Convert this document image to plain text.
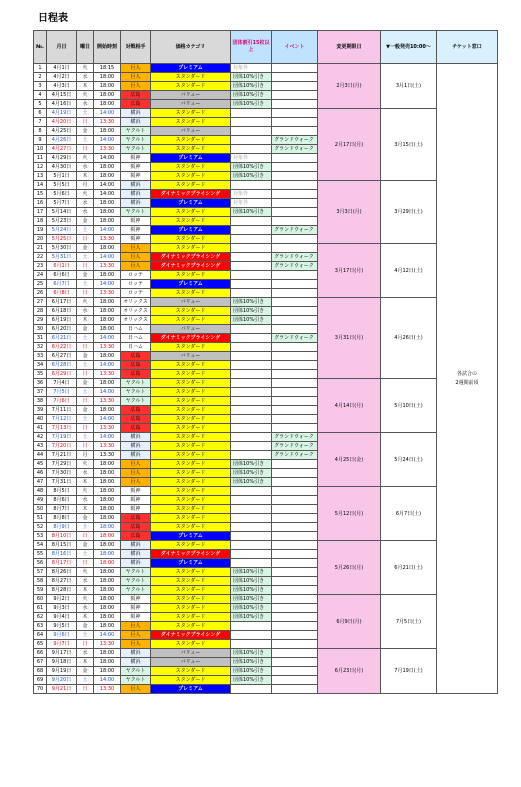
日程表
№.	月日	曜日	開始時刻	対戦相手	価格カテゴリ	団体割引15枚以上	イベント	変更期限日	▼一般発売10:00～	チケット窓口
1	4月1日	火	18:15	巨人	プレミアム	対象外		2月3日(月)	3月1日(土)	各試合の
2週間前頃
2	4月2日	水	18:00	巨人	スタンダード	団体10%引き				
3	4月3日	木	18:00	巨人	スタンダード	団体10%引き				
4	4月15日	火	18:00	広島	バリュー	団体10%引き				
5	4月16日	水	18:00	広島	バリュー	団体10%引き				
6	4月19日	土	14:00	横浜	スタンダード			2月17日(月)	3月15日(土)	
7	4月20日	日	13:30	横浜	スタンダード					
8	4月25日	金	18:00	ヤクルト	バリュー					
9	4月26日	土	14:00	ヤクルト	スタンダード		グランドウォーク			
10	4月27日	日	13:30	ヤクルト	スタンダード		グランドウォーク			
11	4月29日	火	14:00	阪神	プレミアム	対象外				
12	4月30日	水	18:00	阪神	スタンダード	団体10%引き				
13	5月1日	木	18:00	阪神	スタンダード	団体10%引き				
14	5月5日	月	14:00	横浜	スタンダード			3月3日(月)	3月29日(土)	
15	5月6日	火	14:00	横浜	ダイナミックプライシング	対象外				
16	5月7日	水	18:00	横浜	プレミアム	対象外				
17	5月14日	水	18:00	ヤクルト	スタンダード	団体10%引き				
18	5月23日	金	18:00	阪神	スタンダード					
19	5月24日	土	14:00	阪神	プレミアム		グランドウォーク			
20	5月25日	日	13:30	阪神	スタンダード					
21	5月30日	金	18:00	巨人	スタンダード			3月17日(月)	4月12日(土)	
22	5月31日	土	14:00	巨人	ダイナミックプライシング		グランドウォーク			
23	6月1日	日	13:30	巨人	ダイナミックプライシング		グランドウォーク			
24	6月6日	金	18:00	ロッテ	スタンダード					
25	6月7日	土	14:00	ロッテ	プレミアム					
26	6月8日	日	13:30	ロッテ	スタンダード					
27	6月17日	火	18:00	オリックス	バリュー	団体10%引き		3月31日(月)	4月26日(土)	
28	6月18日	水	18:00	オリックス	スタンダード	団体10%引き				
29	6月19日	木	18:00	オリックス	スタンダード	団体10%引き				
30	6月20日	金	18:00	日ハム	バリュー					
31	6月21日	土	14:00	日ハム	ダイナミックプライシング		グランドウォーク			
32	6月22日	日	13:30	日ハム	スタンダード					
33	6月27日	金	18:00	広島	バリュー					
34	6月28日	土	14:00	広島	スタンダード					
35	6月29日	日	13:30	広島	スタンダード					
36	7月4日	金	18:00	ヤクルト	スタンダード			4月14日(月)	5月10日(土)	
37	7月5日	土	14:00	ヤクルト	スタンダード					
38	7月6日	日	13:30	ヤクルト	スタンダード					
39	7月11日	金	18:00	広島	スタンダード					
40	7月12日	土	14:00	広島	スタンダード					
41	7月13日	日	13:30	広島	スタンダード					
42	7月19日	土	14:00	横浜	スタンダード		グランドウォーク	4月25日(金)	5月24日(土)	
43	7月20日	日	13:30	横浜	スタンダード		グランドウォーク			
44	7月21日	月	13:30	横浜	スタンダード		グランドウォーク			
45	7月29日	火	18:00	巨人	スタンダード	団体10%引き				
46	7月30日	水	18:00	巨人	スタンダード	団体10%引き				
47	7月31日	木	18:00	巨人	スタンダード	団体10%引き				
48	8月5日	火	18:00	阪神	スタンダード			5月12日(月)	6月7日(土)	
49	8月6日	水	18:00	阪神	スタンダード					
50	8月7日	木	18:00	阪神	スタンダード					
51	8月8日	金	18:00	広島	スタンダード					
52	8月9日	土	18:00	広島	スタンダード					
53	8月10日	日	18:00	広島	プレミアム					
54	8月15日	金	18:00	横浜	スタンダード			5月26日(月)	6月21日(土)	
55	8月16日	土	18:00	横浜	ダイナミックプライシング					
56	8月17日	日	18:00	横浜	プレミアム					
57	8月26日	火	18:00	ヤクルト	スタンダード	団体10%引き				
58	8月27日	水	18:00	ヤクルト	スタンダード	団体10%引き				
59	8月28日	木	18:00	ヤクルト	スタンダード	団体10%引き				
60	9月2日	火	18:00	阪神	スタンダード	団体10%引き		6月9日(月)	7月5日(土)	
61	9月3日	水	18:00	阪神	スタンダード	団体10%引き				
62	9月4日	木	18:00	阪神	スタンダード	団体10%引き				
63	9月5日	金	18:00	巨人	スタンダード					
64	9月6日	土	14:00	巨人	ダイナミックプライシング					
65	9月7日	日	13:30	巨人	スタンダード					
66	9月17日	水	18:00	横浜	バリュー	団体10%引き		6月23日(月)	7月19日(土)	
67	9月18日	木	18:00	横浜	バリュー	団体10%引き				
68	9月19日	金	18:00	ヤクルト	スタンダード	団体10%引き				
69	9月20日	土	14:00	ヤクルト	スタンダード	団体10%引き				
70	9月21日	日	13:30	巨人	プレミアム					
